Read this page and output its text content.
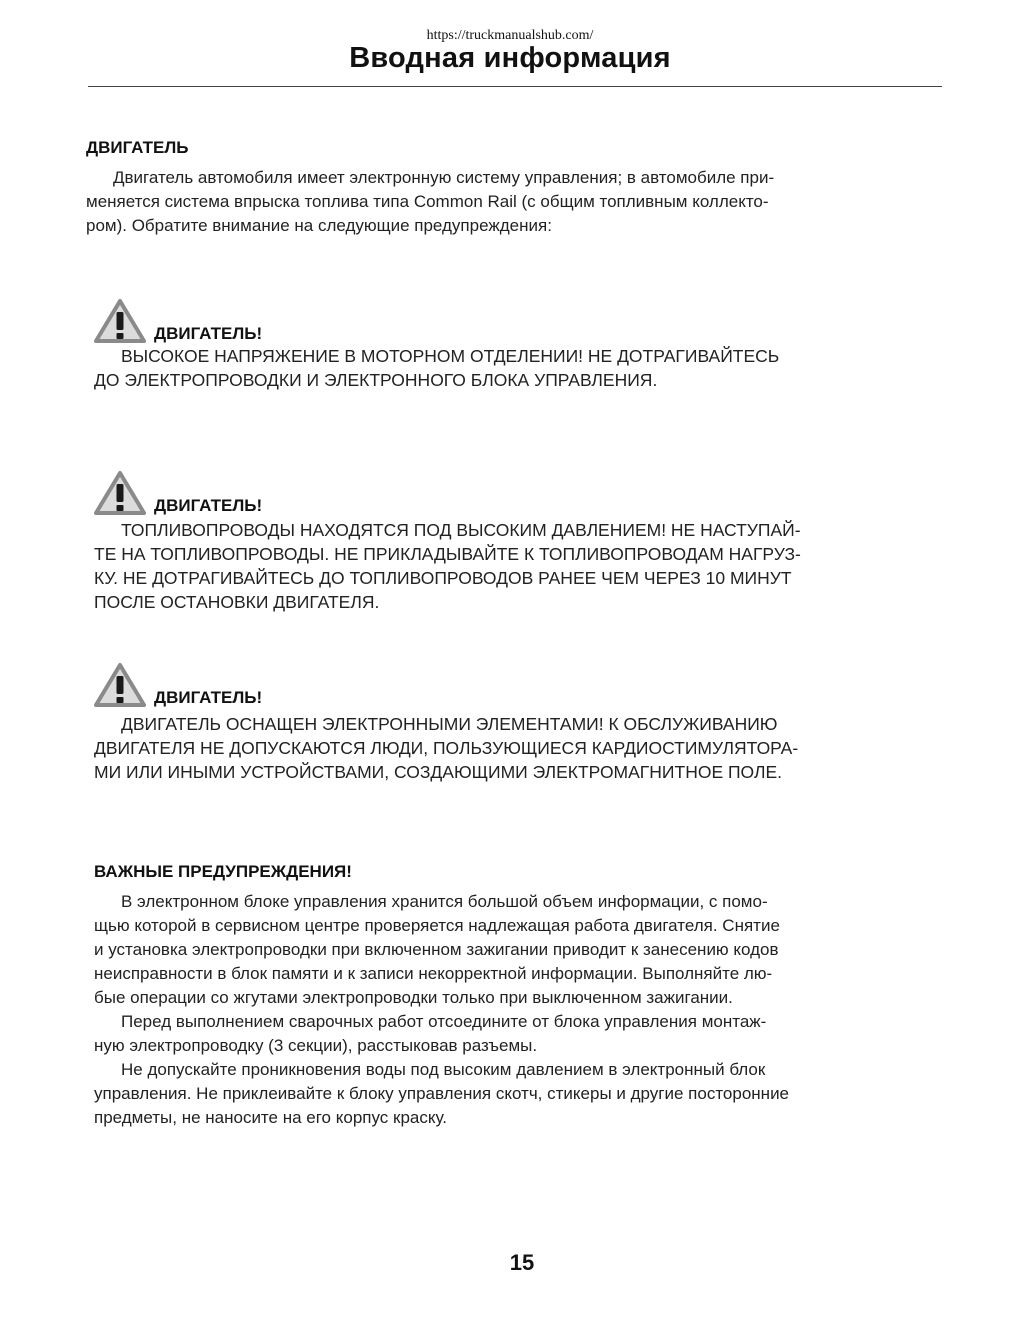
https://truckmanualshub.com/
Вводная информация
ДВИГАТЕЛЬ

Двигатель автомобиля имеет электронную систему управления; в автомобиле при-
меняется система впрыска топлива типа Common Rail (с общим топливным коллекто-
ром). Обратите внимание на следующие предупреждения:

ДВИГАТЕЛЬ!

ВЫСОКОЕ НАПРЯЖЕНИЕ В МОТОРНОМ ОТДЕЛЕНИИ! НЕ ДОТРАГИВАЙТЕСЬ
ДО ЭЛЕКТРОПРОВОДКИ И ЭЛЕКТРОННОГО БЛОКА УПРАВЛЕНИЯ.

ДВИГАТЕЛЬ!

ТОПЛИВОПРОВОДЫ НАХОДЯТСЯ ПОД ВЫСОКИМ ДАВЛЕНИЕМ! НЕ НАСТУПАЙ-
ТЕ НА ТОПЛИВОПРОВОДЫ. НЕ ПРИКЛАДЫВАЙТЕ К ТОПЛИВОПРОВОДАМ НАГРУЗ-
КУ. НЕ ДОТРАГИВАЙТЕСЬ ДО ТОПЛИВОПРОВОДОВ РАНЕЕ ЧЕМ ЧЕРЕЗ 10 МИНУТ
ПОСЛЕ ОСТАНОВКИ ДВИГАТЕЛЯ.

ДВИГАТЕЛЬ!

ДВИГАТЕЛЬ ОСНАЩЕН ЭЛЕКТРОННЫМИ ЭЛЕМЕНТАМИ! К ОБСЛУЖИВАНИЮ
ДВИГАТЕЛЯ НЕ ДОПУСКАЮТСЯ ЛЮДИ, ПОЛЬЗУЮЩИЕСЯ КАРДИОСТИМУЛЯТОРА-
МИ ИЛИ ИНЫМИ УСТРОЙСТВАМИ, СОЗДАЮЩИМИ ЭЛЕКТРОМАГНИТНОЕ ПОЛЕ.

ВАЖНЫЕ ПРЕДУПРЕЖДЕНИЯ!

В электронном блоке управления хранится большой объем информации, с помо-
щью которой в сервисном центре проверяется надлежащая работа двигателя. Снятие
и установка электропроводки при включенном зажигании приводит к занесению кодов
неисправности в блок памяти и к записи некорректной информации. Выполняйте лю-
бые операции со жгутами электропроводки только при выключенном зажигании.

Перед выполнением сварочных работ отсоедините от блока управления монтаж-
ную электропроводку (3 секции), расстыковав разъемы.

Не допускайте проникновения воды под высоким давлением в электронный блок
управления. Не приклеивайте к блоку управления скотч, стикеры и другие посторонние
предметы, не наносите на его корпус краску.

15
